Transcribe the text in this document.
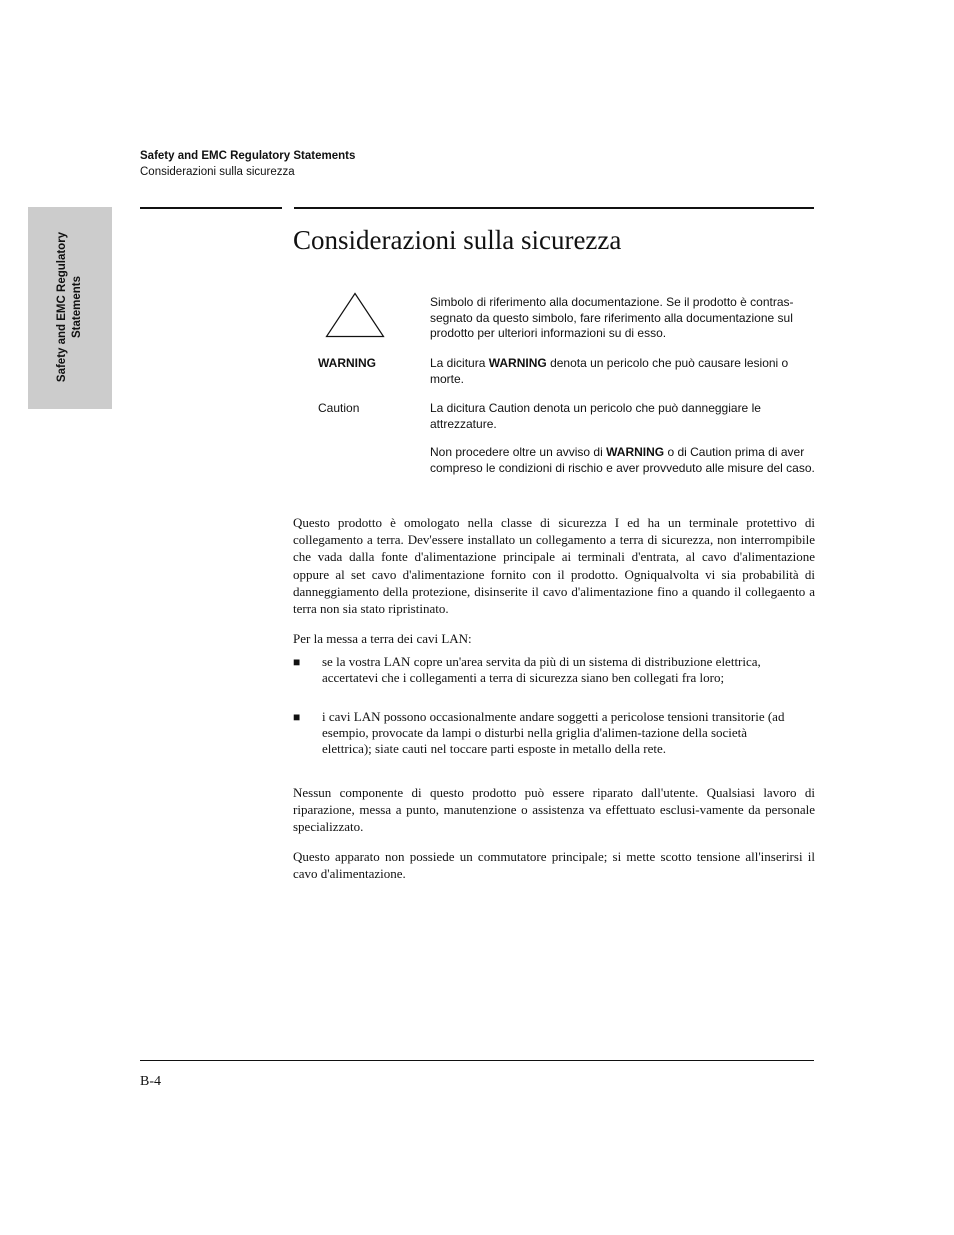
Safety and EMC Regulatory Statements
Considerazioni sulla sicurezza
Safety and EMC Regulatory Statements
Considerazioni sulla sicurezza
Simbolo di riferimento alla documentazione. Se il prodotto è contras-segnato da questo simbolo, fare riferimento alla documentazione sul prodotto per ulteriori informazioni su di esso.
WARNING	La dicitura WARNING denota un pericolo che può causare lesioni o morte.
Caution	La dicitura Caution denota un pericolo che può danneggiare le attrezzature.
Non procedere oltre un avviso di WARNING o di Caution prima di aver compreso le condizioni di rischio e aver provveduto alle misure del caso.
Questo prodotto è omologato nella classe di sicurezza I ed ha un terminale protettivo di collegamento a terra. Dev'essere installato un collegamento a terra di sicurezza, non interrompibile che vada dalla fonte d'alimentazione principale ai terminali d'entrata, al cavo d'alimentazione oppure al set cavo d'alimentazione fornito con il prodotto. Ogniqualvolta vi sia probabilità di danneggiamento della protezione, disinserite il cavo d'alimentazione fino a quando il collegaento a terra non sia stato ripristinato.
Per la messa a terra dei cavi LAN:
■ se la vostra LAN copre un'area servita da più di un sistema di distribuzione elettrica, accertatevi che i collegamenti a terra di sicurezza siano ben collegati fra loro;
■ i cavi LAN possono occasionalmente andare soggetti a pericolose tensioni transitorie (ad esempio, provocate da lampi o disturbi nella griglia d'alimen-tazione della società elettrica); siate cauti nel toccare parti esposte in metallo della rete.
Nessun componente di questo prodotto può essere riparato dall'utente. Qualsiasi lavoro di riparazione, messa a punto, manutenzione o assistenza va effettuato esclusi-vamente da personale specializzato.
Questo apparato non possiede un commutatore principale; si mette scotto tensione all'inserirsi il cavo d'alimentazione.
B-4
